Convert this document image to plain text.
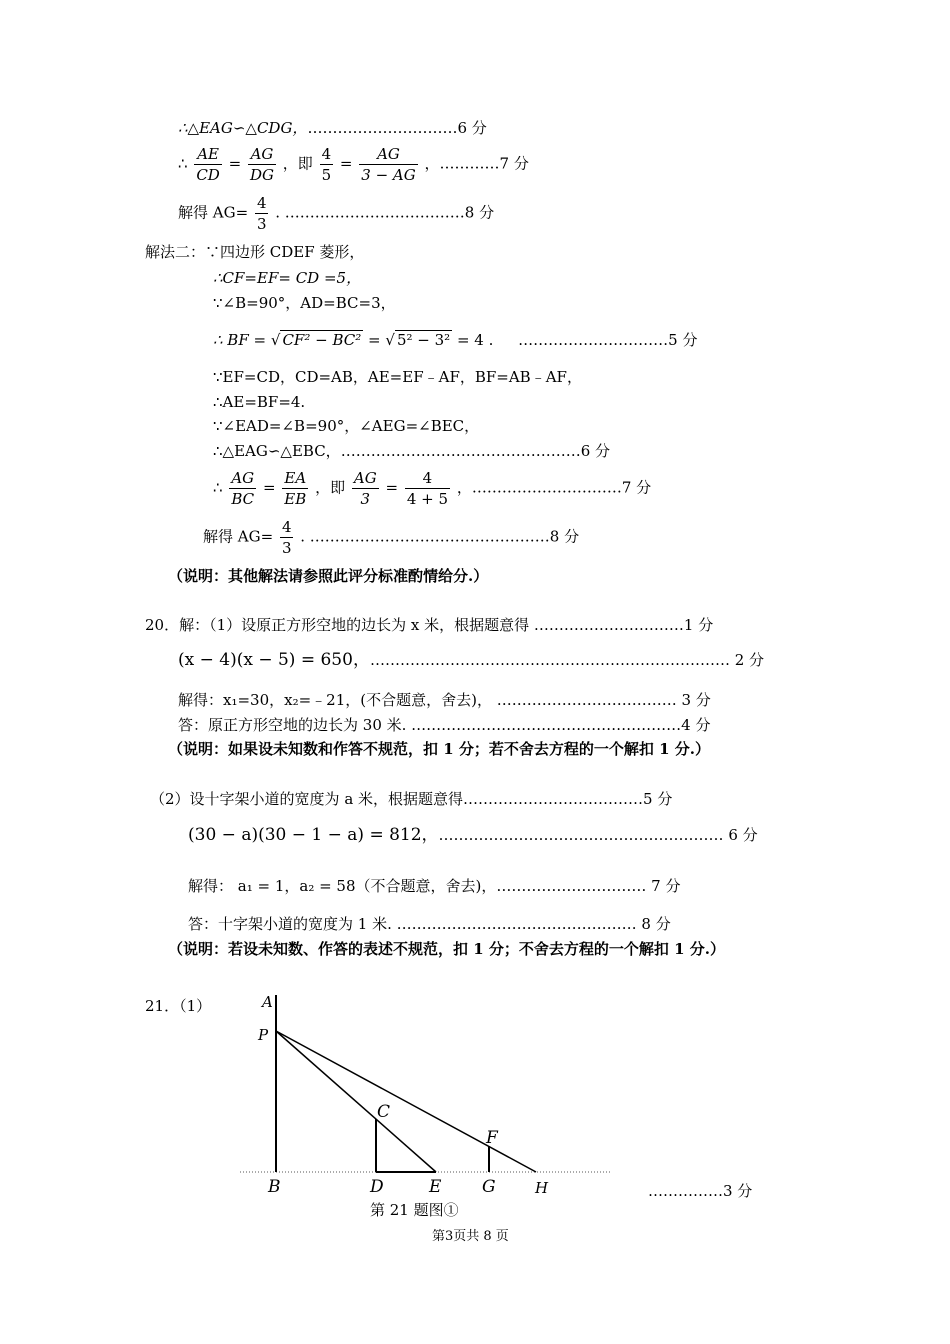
∴△EAG∽△CDG，…………………………6 分
∴ $\frac{AE}{CD} = \frac{AG}{DG}$ ，即 $\frac{4}{5} = \frac{AG}{3 - AG}$ ，…………7 分
解得 $AG= \frac{4}{3}$ . ………………………………8 分
解法二：∵四边形 CDEF 菱形，
∴CF=EF= CD =5，
∵∠B=90°，AD=BC=3，
∴ BF = √ CF² − BC² = √ 5² − 3² = 4 . …………………………5 分
∵EF=CD，CD=AB，AE=EF﹣AF，BF=AB﹣AF，
∴AE=BF=4.
∵∠EAD=∠B=90°，∠AEG=∠BEC，
∴△EAG∽△EBC，…………………………………………6 分
∴ $\frac{AG}{BC} = \frac{EA}{EB}$ ，即 $\frac{AG}{3} = \frac{4}{4 + 5}$ ，…………………………7 分
解得 $AG= \frac{4}{3}$ . …………………………………………8 分
（说明：其他解法请参照此评分标准酌情给分.）
20．解：（1）设原正方形空地的边长为 x 米，根据题意得 …………………………1 分
(x − 4)(x − 5) = 650，……………………………………………………………… 2 分
解得：x₁=30，x₂=﹣21，(不合题意，舍去)， ……………………………… 3 分
答：原正方形空地的边长为 30 米. ………………………………………………4 分
（说明：如果设未知数和作答不规范，扣 1 分；若不舍去方程的一个解扣 1 分.）
（2）设十字架小道的宽度为 a 米，根据题意得………………………………5 分
(30 − a)(30 − 1 − a) = 812，………………………………………………… 6 分
解得： a₁ = 1，a₂ = 58（不合题意，舍去)，………………………… 7 分
答：十字架小道的宽度为 1 米. ………………………………………… 8 分
（说明：若设未知数、作答的表述不规范，扣 1 分；不舍去方程的一个解扣 1 分.）
21．（1）	A
P
C
F
B	D	E G	H	……………3 分
第 21 题图①
第3页共 8 页
